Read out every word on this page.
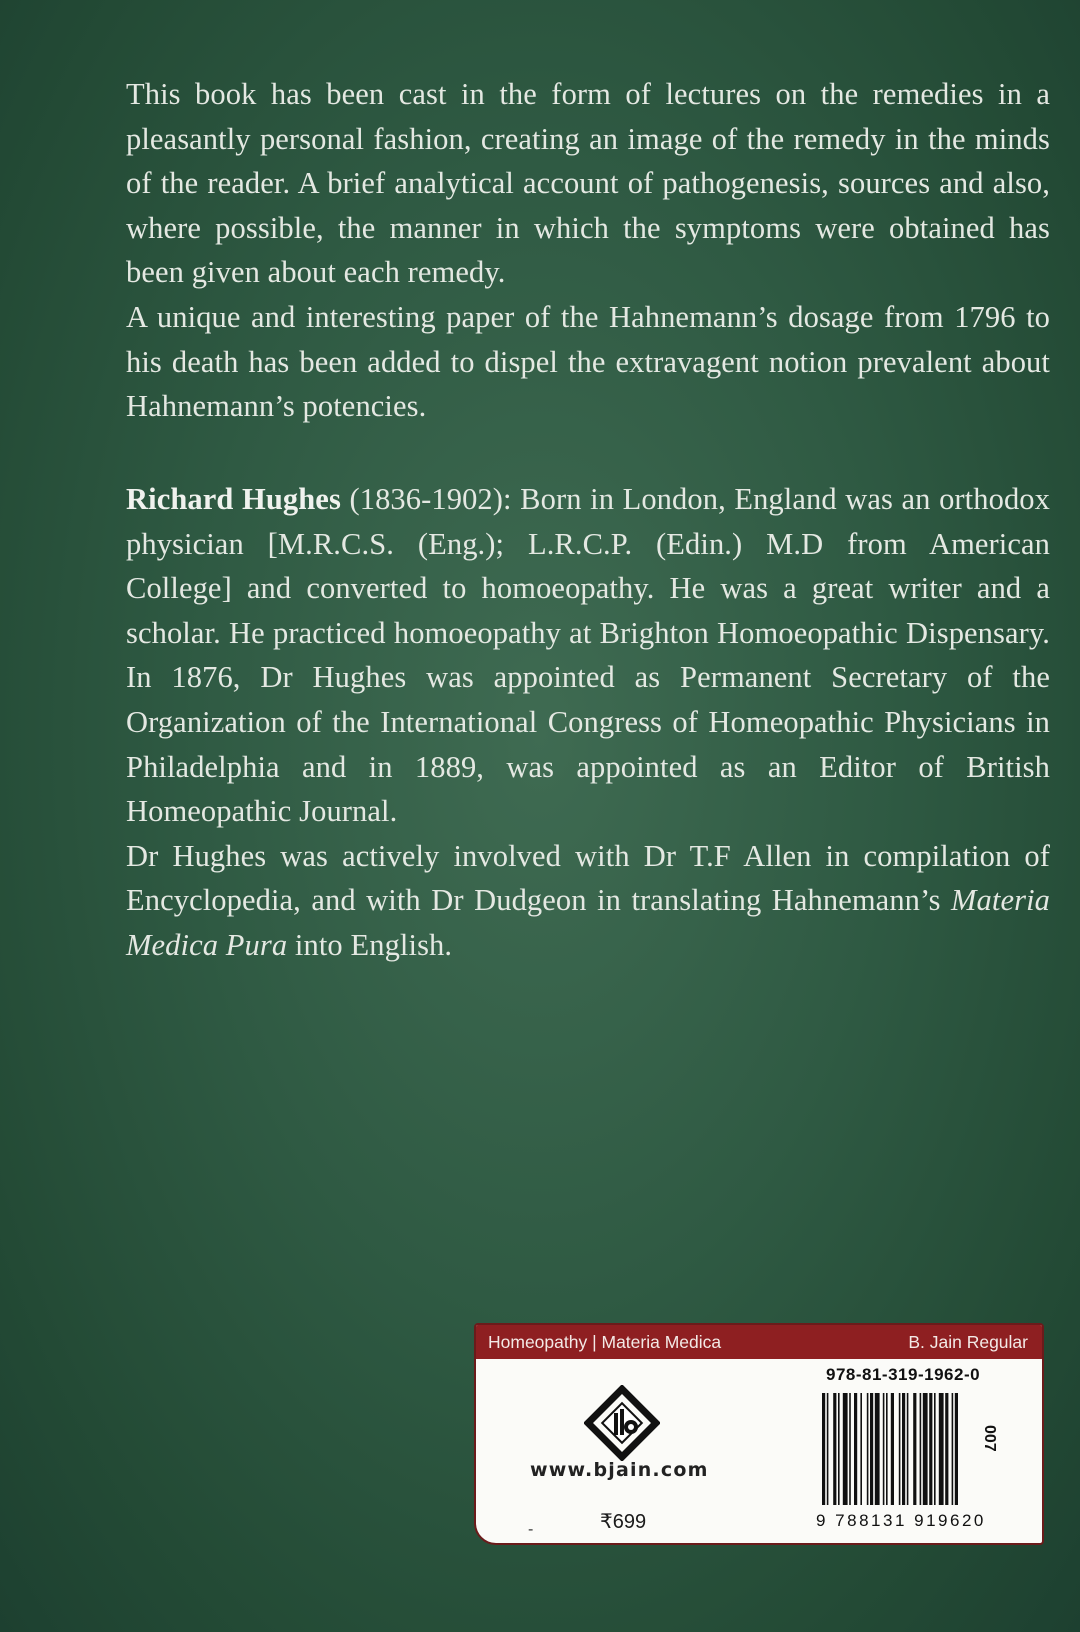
This book has been cast in the form of lectures on the remedies in a pleasantly personal fashion, creating an image of the remedy in the minds of the reader. A brief analytical account of pathogenesis, sources and also, where possible, the manner in which the symptoms were obtained has been given about each remedy.

A unique and interesting paper of the Hahnemann’s dosage from 1796 to his death has been added to dispel the extravagent notion prevalent about Hahnemann’s potencies.

Richard Hughes (1836-1902): Born in London, England was an orthodox physician [M.R.C.S. (Eng.); L.R.C.P. (Edin.) M.D from American College] and converted to homoeopathy. He was a great writer and a scholar. He practiced homoeopathy at Brighton Homoeopathic Dispensary. In 1876, Dr Hughes was appointed as Permanent Secretary of the Organization of the International Congress of Homeopathic Physicians in Philadelphia and in 1889, was appointed as an Editor of British Homeopathic Journal.

Dr Hughes was actively involved with Dr T.F Allen in compilation of Encyclopedia, and with Dr Dudgeon in translating Hahnemann’s Materia Medica Pura into English.

Homeopathy | Materia Medica	B. Jain Regular
www.bjain.com
-	₹699
978-81-319-1962-0
9 788131 919620
007
